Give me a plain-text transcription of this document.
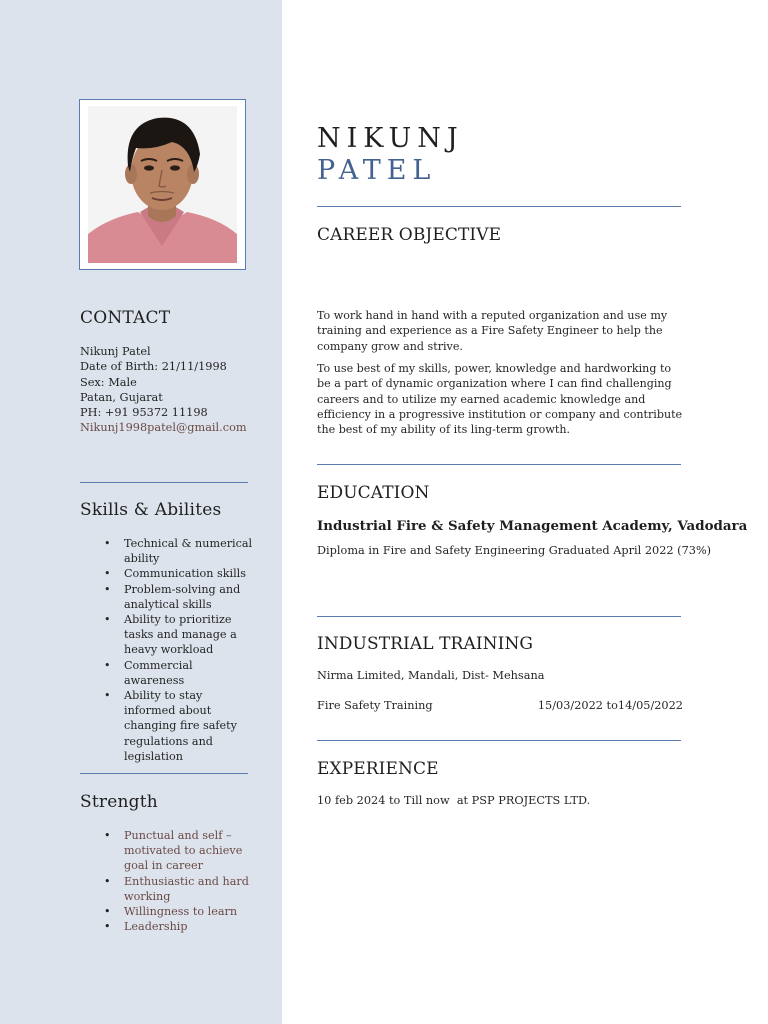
CONTACT
Nikunj Patel
Date of Birth: 21/11/1998
Sex: Male
Patan, Gujarat
PH: +91 95372 11198
Nikunj1998patel@gmail.com
Skills & Abilites
• Technical & numerical ability
• Communication skills
• Problem-solving and analytical skills
• Ability to prioritize tasks and manage a heavy workload
• Commercial awareness
• Ability to stay informed about changing fire safety regulations and legislation
Strength
• Punctual and self – motivated to achieve goal in career
• Enthusiastic and hard working
• Willingness to learn
• Leadership
NIKUNJ
PATEL
CAREER OBJECTIVE

To work hand in hand with a reputed organization and use my training and experience as a Fire Safety Engineer to help the company grow and strive.

To use best of my skills, power, knowledge and hardworking to be a part of dynamic organization where I can find challenging careers and to utilize my earned academic knowledge and efficiency in a progressive institution or company and contribute the best of my ability of its ling-term growth.

EDUCATION

Industrial Fire & Safety Management Academy, Vadodara

Diploma in Fire and Safety Engineering Graduated April 2022 (73%)

INDUSTRIAL TRAINING

Nirma Limited, Mandali, Dist- Mehsana

Fire Safety Training	15/03/2022 to14/05/2022

EXPERIENCE

10 feb 2024 to Till now  at PSP PROJECTS LTD.
